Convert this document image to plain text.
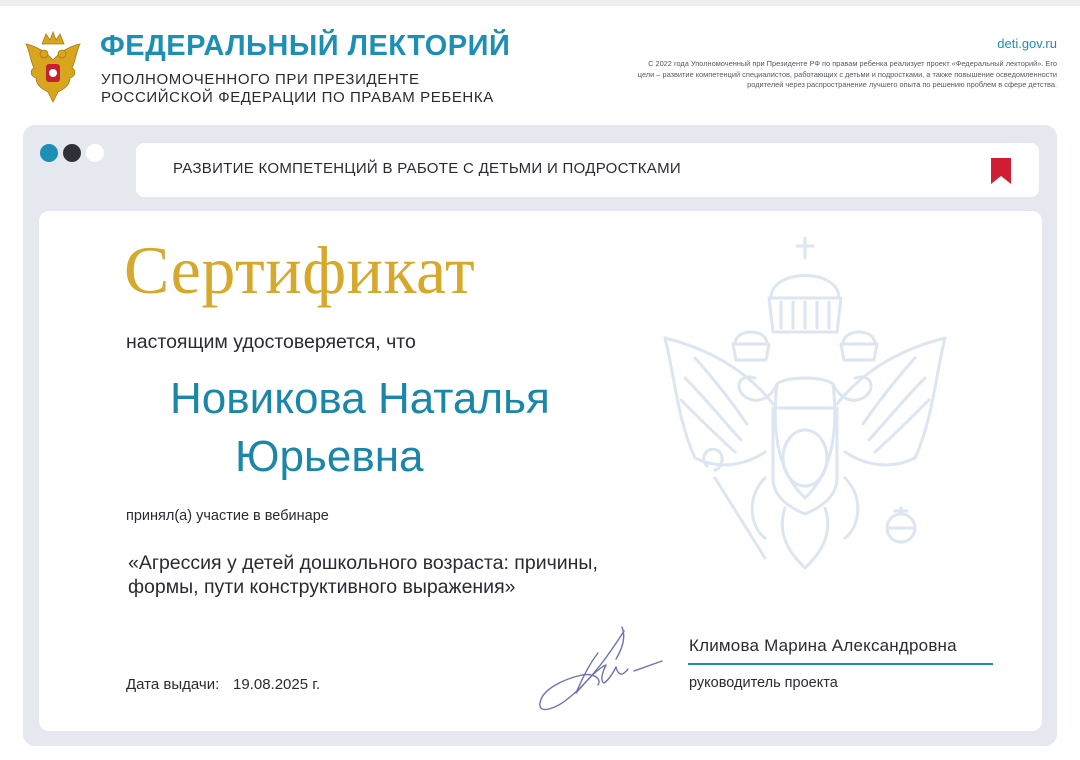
ФЕДЕРАЛЬНЫЙ ЛЕКТОРИЙ
УПОЛНОМОЧЕННОГО ПРИ ПРЕЗИДЕНТЕ
РОССИЙСКОЙ ФЕДЕРАЦИИ ПО ПРАВАМ РЕБЕНКА
deti.gov.ru
С 2022 года Уполномоченный при Президенте РФ по правам ребенка реализует проект «Федеральный лекторий». Его цели – развитие компетенций специалистов, работающих с детьми и подростками, а также повышение осведомленности родителей через распространение лучшего опыта по решению проблем в сфере детства.
РАЗВИТИЕ КОМПЕТЕНЦИЙ В РАБОТЕ С ДЕТЬМИ И ПОДРОСТКАМИ
Сертификат
настоящим удостоверяется, что
Новикова Наталья
Юрьевна
принял(а) участие в вебинаре
«Агрессия у детей дошкольного возраста: причины, формы, пути конструктивного выражения»
Дата выдачи: 19.08.2025 г.
Климова Марина Александровна
руководитель проекта
